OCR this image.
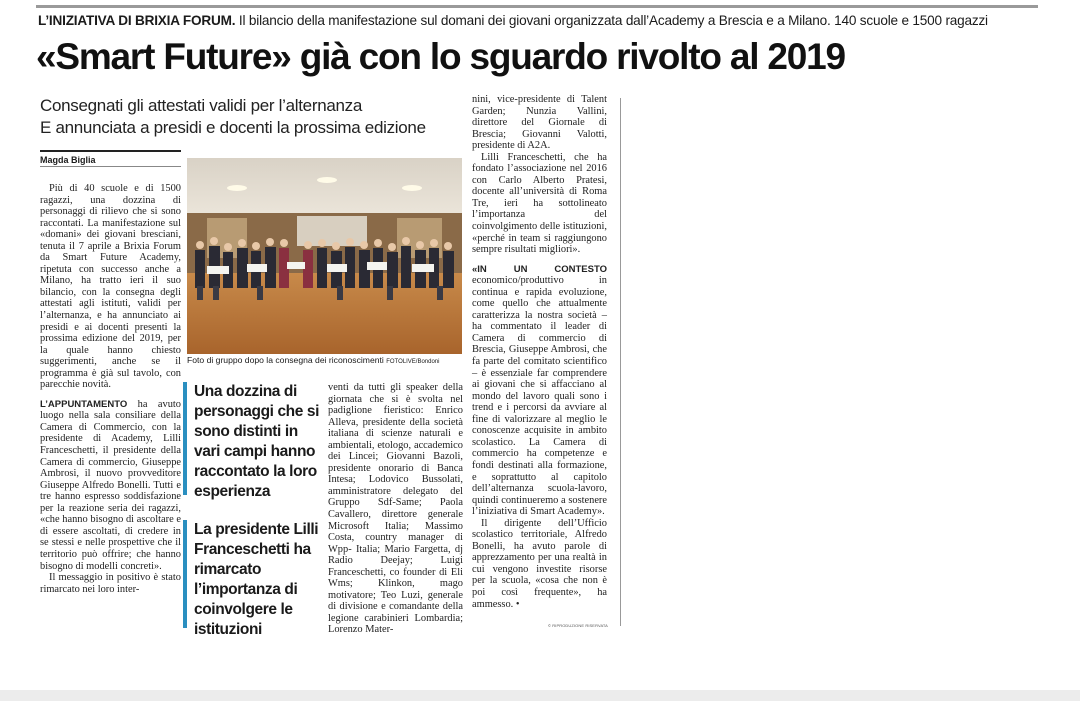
L’INIZIATIVA DI BRIXIA FORUM. Il bilancio della manifestazione sul domani dei giovani organizzata dall’Academy a Brescia e a Milano. 140 scuole e 1500 ragazzi
«Smart Future» già con lo sguardo rivolto al 2019
Consegnati gli attestati validi per l’alternanza
E annunciata a presidi e docenti la prossima edizione
Magda Biglia

Più di 40 scuole e di 1500 ragazzi, una dozzina di personaggi di rilievo che si sono raccontati. La manifestazione sul «domani» dei giovani bresciani, tenuta il 7 aprile a Brixia Forum da Smart Future Academy, ripetuta con successo anche a Milano, ha tratto ieri il suo bilancio, con la consegna degli attestati agli istituti, validi per l’alternanza, e ha annunciato ai presidi e ai docenti presenti la prossima edizione del 2019, per la quale hanno chiesto suggerimenti, anche se il programma è già sul tavolo, con parecchie novità.

L’APPUNTAMENTO ha avuto luogo nella sala consiliare della Camera di Commercio, con la presidente di Academy, Lilli Franceschetti, il presidente della Camera di commercio, Giuseppe Ambrosi, il nuovo provveditore Giuseppe Alfredo Bonelli. Tutti e tre hanno espresso soddisfazione per la reazione seria dei ragazzi, «che hanno bisogno di ascoltare e di essere ascoltati, di credere in se stessi e nelle prospettive che il territorio può offrire; che hanno bisogno di modelli concreti».

Il messaggio in positivo è stato rimarcato nei loro inter-

Foto di gruppo dopo la consegna dei riconoscimenti FOTOLIVE/Bondoni
Una dozzina di personaggi che si sono distinti in vari campi hanno raccontato la loro esperienza
La presidente Lilli Franceschetti ha rimarcato l’importanza di coinvolgere le istituzioni

venti da tutti gli speaker della giornata che si è svolta nel padiglione fieristico: Enrico Alleva, presidente della società italiana di scienze naturali e ambientali, etologo, accademico dei Lincei; Giovanni Bazoli, presidente onorario di Banca Intesa; Lodovico Bussolati, amministratore delegato del Gruppo Sdf-Same; Paola Cavallero, direttore generale Microsoft Italia; Massimo Costa, country manager di Wpp- Italia; Mario Fargetta, dj Radio Deejay; Luigi Franceschetti, co founder di Eli Wms; Klinkon, mago motivatore; Teo Luzi, generale di divisione e comandante della legione carabinieri Lombardia; Lorenzo Mater-

nini, vice-presidente di Talent Garden; Nunzia Vallini, direttore del Giornale di Brescia; Giovanni Valotti, presidente di A2A.

Lilli Franceschetti, che ha fondato l’associazione nel 2016 con Carlo Alberto Pratesi, docente all’università di Roma Tre, ieri ha sottolineato l’importanza del coinvolgimento delle istituzioni, «perché in team si raggiungono sempre risultati migliori».

«IN UN CONTESTO economico/produttivo in continua e rapida evoluzione, come quello che attualmente caratterizza la nostra società – ha commentato il leader di Camera di commercio di Brescia, Giuseppe Ambrosi, che fa parte del comitato scientifico – è essenziale far comprendere ai giovani che si affacciano al mondo del lavoro quali sono i trend e i percorsi da avviare al fine di valorizzare al meglio le conoscenze acquisite in ambito scolastico. La Camera di commercio ha competenze e fondi destinati alla formazione, e soprattutto al capitolo dell’alternanza scuola-lavoro, quindi continueremo a sostenere l’iniziativa di Smart Academy».

Il dirigente dell’Ufficio scolastico territoriale, Alfredo Bonelli, ha avuto parole di apprezzamento per una realtà in cui vengono investite risorse per la scuola, «cosa che non è poi così frequente», ha ammesso. •

© RIPRODUZIONE RISERVATA
